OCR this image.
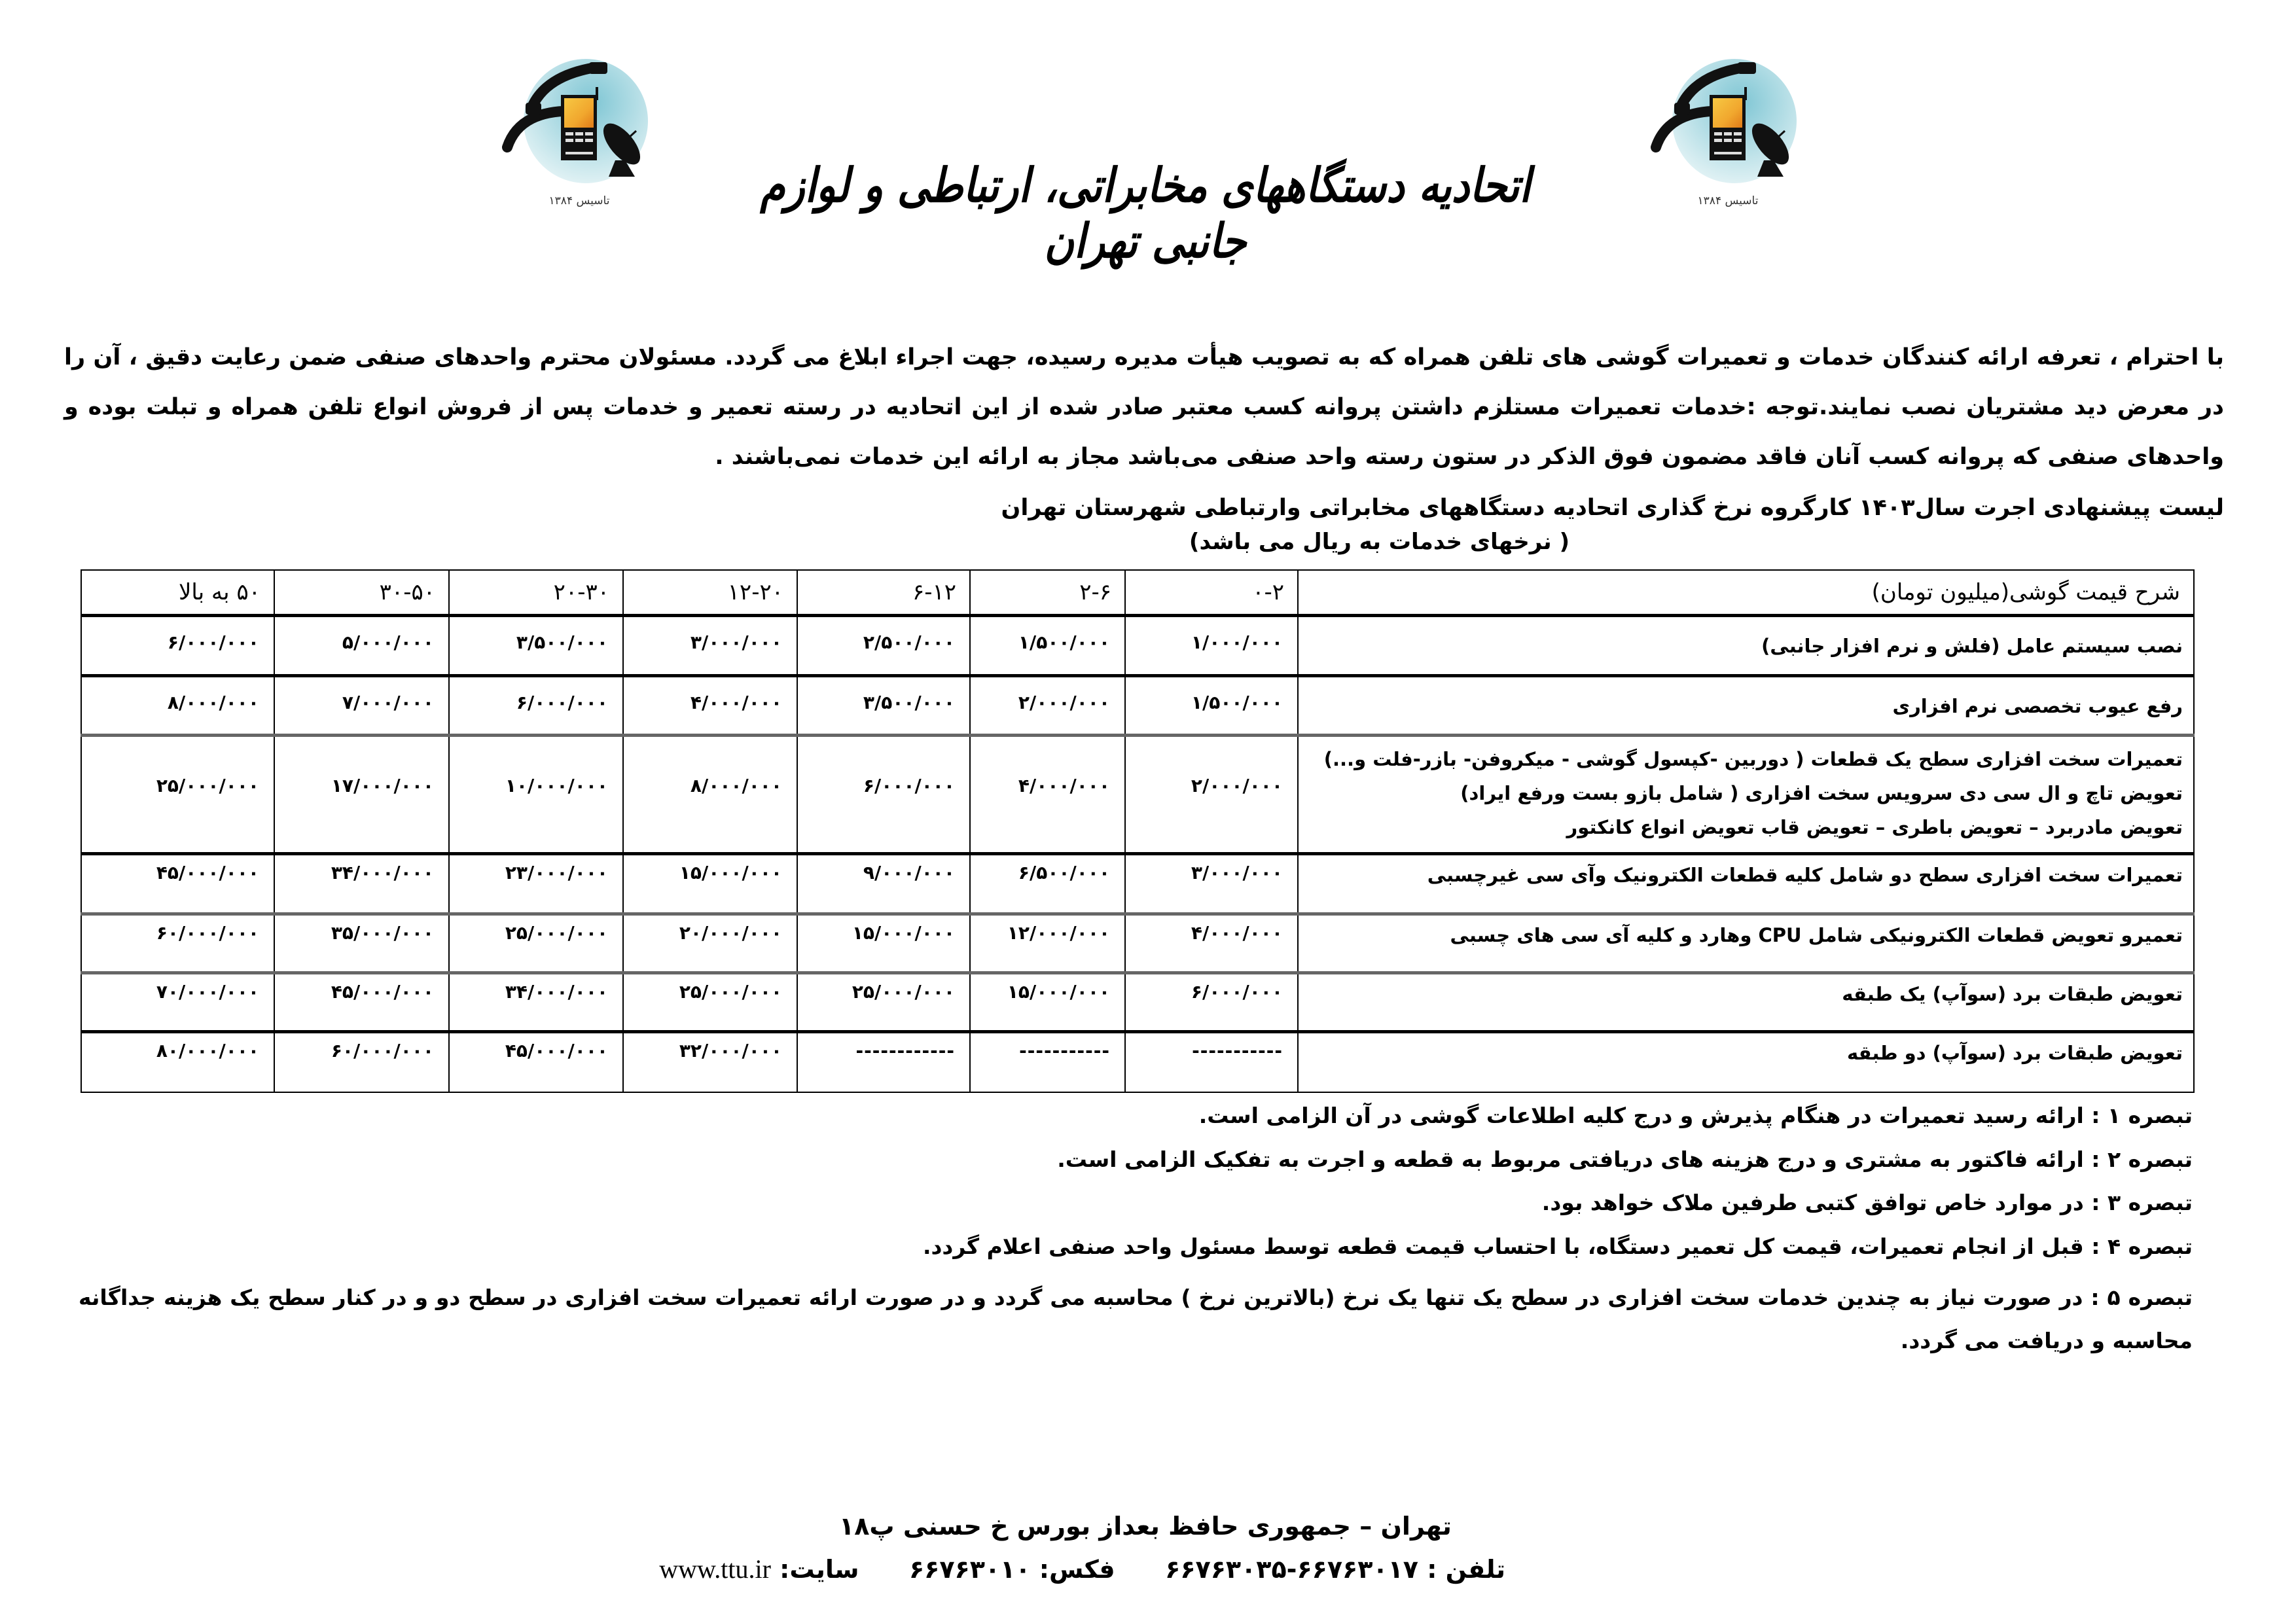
تاسیس ۱۳۸۴	تاسیس ۱۳۸۴
اتحادیه دستگاههای مخابراتی، ارتباطی و لوازم جانبی تهران
با احترام ، تعرفه ارائه کنندگان خدمات و تعمیرات گوشی های تلفن همراه که به تصویب هیأت مدیره رسیده، جهت اجراء ابلاغ می گردد. مسئولان محترم واحدهای صنفی ضمن رعایت دقیق ، آن را در معرض دید مشتریان نصب نمایند.توجه :خدمات تعمیرات مستلزم داشتن پروانه کسب معتبر صادر شده از این اتحادیه در رسته تعمیر و خدمات پس از فروش انواع تلفن همراه و تبلت بوده و واحدهای صنفی که پروانه کسب آنان فاقد مضمون فوق الذکر در ستون رسته واحد صنفی می‌باشد مجاز به ارائه این خدمات نمی‌باشند .
لیست پیشنهادی اجرت سال۱۴۰۳ کارگروه نرخ گذاری اتحادیه دستگاههای مخابراتی وارتباطی شهرستان تهران
( نرخهای خدمات به ریال می باشد)
شرح قیمت گوشی(میلیون تومان)	۰-۲	۲-۶	۶-۱۲	۱۲-۲۰	۲۰-۳۰	۳۰-۵۰	۵۰ به بالا

نصب سیستم عامل (فلش و نرم افزار جانبی)	۱/۰۰۰/۰۰۰	۱/۵۰۰/۰۰۰	۲/۵۰۰/۰۰۰	۳/۰۰۰/۰۰۰	۳/۵۰۰/۰۰۰	۵/۰۰۰/۰۰۰	۶/۰۰۰/۰۰۰

رفع عیوب تخصصی نرم افزاری	۱/۵۰۰/۰۰۰	۲/۰۰۰/۰۰۰	۳/۵۰۰/۰۰۰	۴/۰۰۰/۰۰۰	۶/۰۰۰/۰۰۰	۷/۰۰۰/۰۰۰	۸/۰۰۰/۰۰۰

تعمیرات سخت افزاری سطح یک قطعات ( دوربین -کپسول گوشی - میکروفن- بازر-فلت و...)
تعویض تاچ و ال سی دی سرویس سخت افزاری ( شامل بازو بست ورفع ایراد)
تعویض مادربرد – تعویض باطری – تعویض قاب تعویض انواع کانکتور	۲/۰۰۰/۰۰۰	۴/۰۰۰/۰۰۰	۶/۰۰۰/۰۰۰	۸/۰۰۰/۰۰۰	۱۰/۰۰۰/۰۰۰	۱۷/۰۰۰/۰۰۰	۲۵/۰۰۰/۰۰۰

تعمیرات سخت افزاری سطح دو شامل کلیه قطعات الکترونیک وآی سی غیرچسبی	۳/۰۰۰/۰۰۰	۶/۵۰۰/۰۰۰	۹/۰۰۰/۰۰۰	۱۵/۰۰۰/۰۰۰	۲۳/۰۰۰/۰۰۰	۳۴/۰۰۰/۰۰۰	۴۵/۰۰۰/۰۰۰

تعمیرو تعویض قطعات الکترونیکی شامل CPU وهارد و کلیه آی سی های چسبی	۴/۰۰۰/۰۰۰	۱۲/۰۰۰/۰۰۰	۱۵/۰۰۰/۰۰۰	۲۰/۰۰۰/۰۰۰	۲۵/۰۰۰/۰۰۰	۳۵/۰۰۰/۰۰۰	۶۰/۰۰۰/۰۰۰

تعویض طبقات برد (سوآپ) یک طبقه	۶/۰۰۰/۰۰۰	۱۵/۰۰۰/۰۰۰	۲۵/۰۰۰/۰۰۰	۲۵/۰۰۰/۰۰۰	۳۴/۰۰۰/۰۰۰	۴۵/۰۰۰/۰۰۰	۷۰/۰۰۰/۰۰۰

تعویض طبقات برد (سوآپ) دو طبقه	-----------	-----------	------------	۳۲/۰۰۰/۰۰۰	۴۵/۰۰۰/۰۰۰	۶۰/۰۰۰/۰۰۰	۸۰/۰۰۰/۰۰۰
تبصره ۱ : ارائه رسید تعمیرات در هنگام پذیرش و درج کلیه اطلاعات گوشی در آن الزامی است.
تبصره ۲ : ارائه فاکتور به مشتری و درج هزینه های دریافتی مربوط به قطعه و اجرت به تفکیک الزامی است.
تبصره ۳ : در موارد خاص توافق کتبی طرفین ملاک خواهد بود.
تبصره ۴ : قبل از انجام تعمیرات، قیمت کل تعمیر دستگاه، با احتساب قیمت قطعه توسط مسئول واحد صنفی اعلام گردد.
تبصره ۵ : در صورت نیاز به چندین خدمات سخت افزاری در سطح یک تنها یک نرخ (بالاترین نرخ ) محاسبه می گردد و در صورت ارائه تعمیرات سخت افزاری در سطح دو و در کنار سطح یک هزینه جداگانه محاسبه و دریافت می گردد.
تهران – جمهوری حافظ بعداز بورس خ حسنی پ۱۸
تلفن : ۶۶۷۶۳۰۱۷-۶۶۷۶۳۰۳۵  فکس: ۶۶۷۶۳۰۱۰  سایت: www.ttu.ir
